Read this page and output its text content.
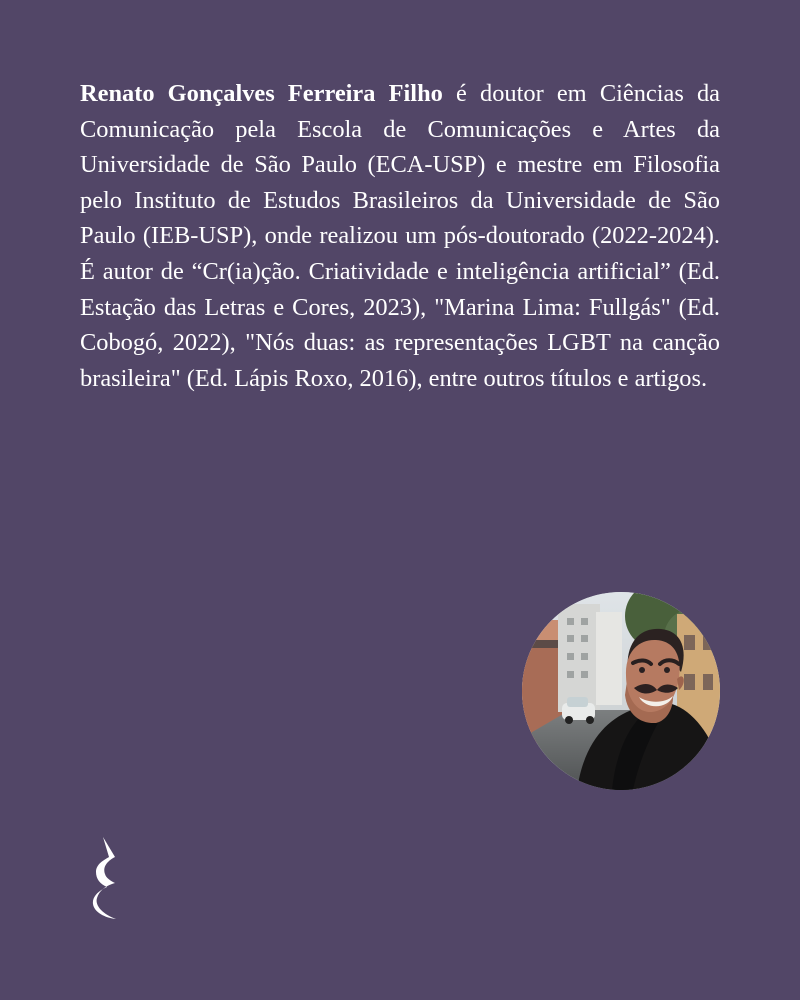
Renato Gonçalves Ferreira Filho é doutor em Ciências da Comunicação pela Escola de Comunicações e Artes da Universidade de São Paulo (ECA-USP) e mestre em Filosofia pelo Instituto de Estudos Brasileiros da Universidade de São Paulo (IEB-USP), onde realizou um pós-doutorado (2022-2024). É autor de “Cr(ia)ção. Criatividade e inteligência artificial” (Ed. Estação das Letras e Cores, 2023), "Marina Lima: Fullgás" (Ed. Cobogó, 2022), "Nós duas: as representações LGBT na canção brasileira" (Ed. Lápis Roxo, 2016), entre outros títulos e artigos.
